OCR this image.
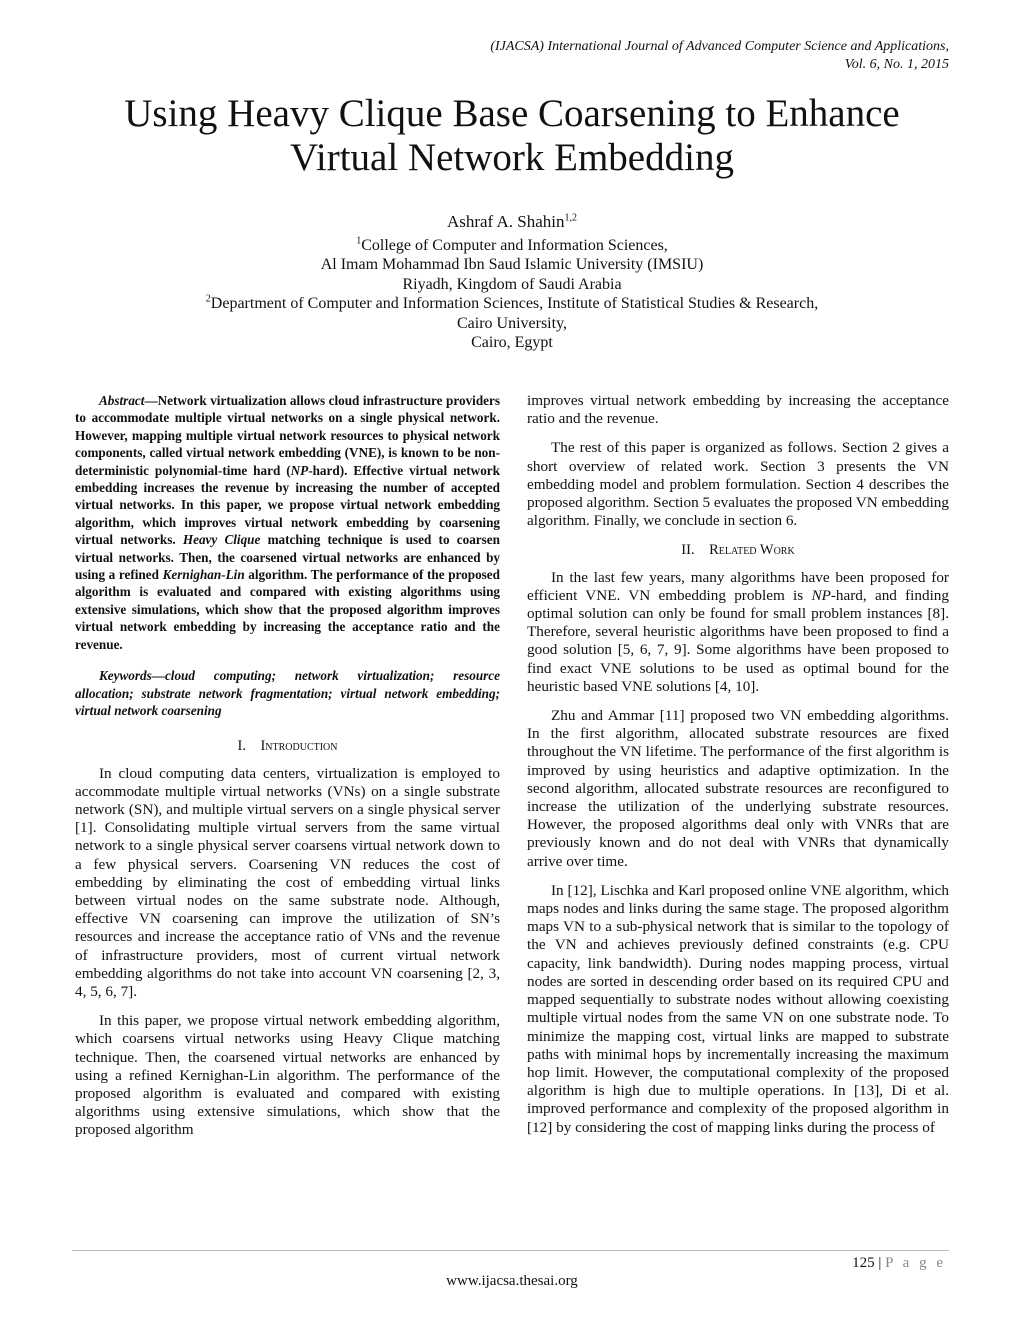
(IJACSA) International Journal of Advanced Computer Science and Applications,
Vol. 6, No. 1, 2015
Using Heavy Clique Base Coarsening to Enhance
Virtual Network Embedding
Ashraf A. Shahin$^{1,2}$
$^1$College of Computer and Information Sciences,
Al Imam Mohammad Ibn Saud Islamic University (IMSIU)
Riyadh, Kingdom of Saudi Arabia
$^2$Department of Computer and Information Sciences, Institute of Statistical Studies & Research,
Cairo University,
Cairo, Egypt
Abstract—Network virtualization allows cloud infrastructure providers to accommodate multiple virtual networks on a single physical network. However, mapping multiple virtual network resources to physical network components, called virtual network embedding (VNE), is known to be non-deterministic polynomial-time hard (NP-hard). Effective virtual network embedding increases the revenue by increasing the number of accepted virtual networks. In this paper, we propose virtual network embedding algorithm, which improves virtual network embedding by coarsening virtual networks. Heavy Clique matching technique is used to coarsen virtual networks. Then, the coarsened virtual networks are enhanced by using a refined Kernighan-Lin algorithm. The performance of the proposed algorithm is evaluated and compared with existing algorithms using extensive simulations, which show that the proposed algorithm improves virtual network embedding by increasing the acceptance ratio and the revenue.
Keywords—cloud computing; network virtualization; resource allocation; substrate network fragmentation; virtual network embedding; virtual network coarsening
I. Introduction

In cloud computing data centers, virtualization is employed to accommodate multiple virtual networks (VNs) on a single substrate network (SN), and multiple virtual servers on a single physical server [1]. Consolidating multiple virtual servers from the same virtual network to a single physical server coarsens virtual network down to a few physical servers. Coarsening VN reduces the cost of embedding by eliminating the cost of embedding virtual links between virtual nodes on the same substrate node. Although, effective VN coarsening can improve the utilization of SN’s resources and increase the acceptance ratio of VNs and the revenue of infrastructure providers, most of current virtual network embedding algorithms do not take into account VN coarsening [2, 3, 4, 5, 6, 7].

In this paper, we propose virtual network embedding algorithm, which coarsens virtual networks using Heavy Clique matching technique. Then, the coarsened virtual networks are enhanced by using a refined Kernighan-Lin algorithm. The performance of the proposed algorithm is evaluated and compared with existing algorithms using extensive simulations, which show that the proposed algorithm

improves virtual network embedding by increasing the acceptance ratio and the revenue.

The rest of this paper is organized as follows. Section 2 gives a short overview of related work. Section 3 presents the VN embedding model and problem formulation. Section 4 describes the proposed algorithm. Section 5 evaluates the proposed VN embedding algorithm. Finally, we conclude in section 6.

II. Related Work

In the last few years, many algorithms have been proposed for efficient VNE. VN embedding problem is NP-hard, and finding optimal solution can only be found for small problem instances [8]. Therefore, several heuristic algorithms have been proposed to find a good solution [5, 6, 7, 9]. Some algorithms have been proposed to find exact VNE solutions to be used as optimal bound for the heuristic based VNE solutions [4, 10].

Zhu and Ammar [11] proposed two VN embedding algorithms. In the first algorithm, allocated substrate resources are fixed throughout the VN lifetime. The performance of the first algorithm is improved by using heuristics and adaptive optimization. In the second algorithm, allocated substrate resources are reconfigured to increase the utilization of the underlying substrate resources. However, the proposed algorithms deal only with VNRs that are previously known and do not deal with VNRs that dynamically arrive over time.

In [12], Lischka and Karl proposed online VNE algorithm, which maps nodes and links during the same stage. The proposed algorithm maps VN to a sub-physical network that is similar to the topology of the VN and achieves previously defined constraints (e.g. CPU capacity, link bandwidth). During nodes mapping process, virtual nodes are sorted in descending order based on its required CPU and mapped sequentially to substrate nodes without allowing coexisting multiple virtual nodes from the same VN on one substrate node. To minimize the mapping cost, virtual links are mapped to substrate paths with minimal hops by incrementally increasing the maximum hop limit. However, the computational complexity of the proposed algorithm is high due to multiple operations. In [13], Di et al. improved performance and complexity of the proposed algorithm in [12] by considering the cost of mapping links during the process of

125 | P a g e
www.ijacsa.thesai.org
